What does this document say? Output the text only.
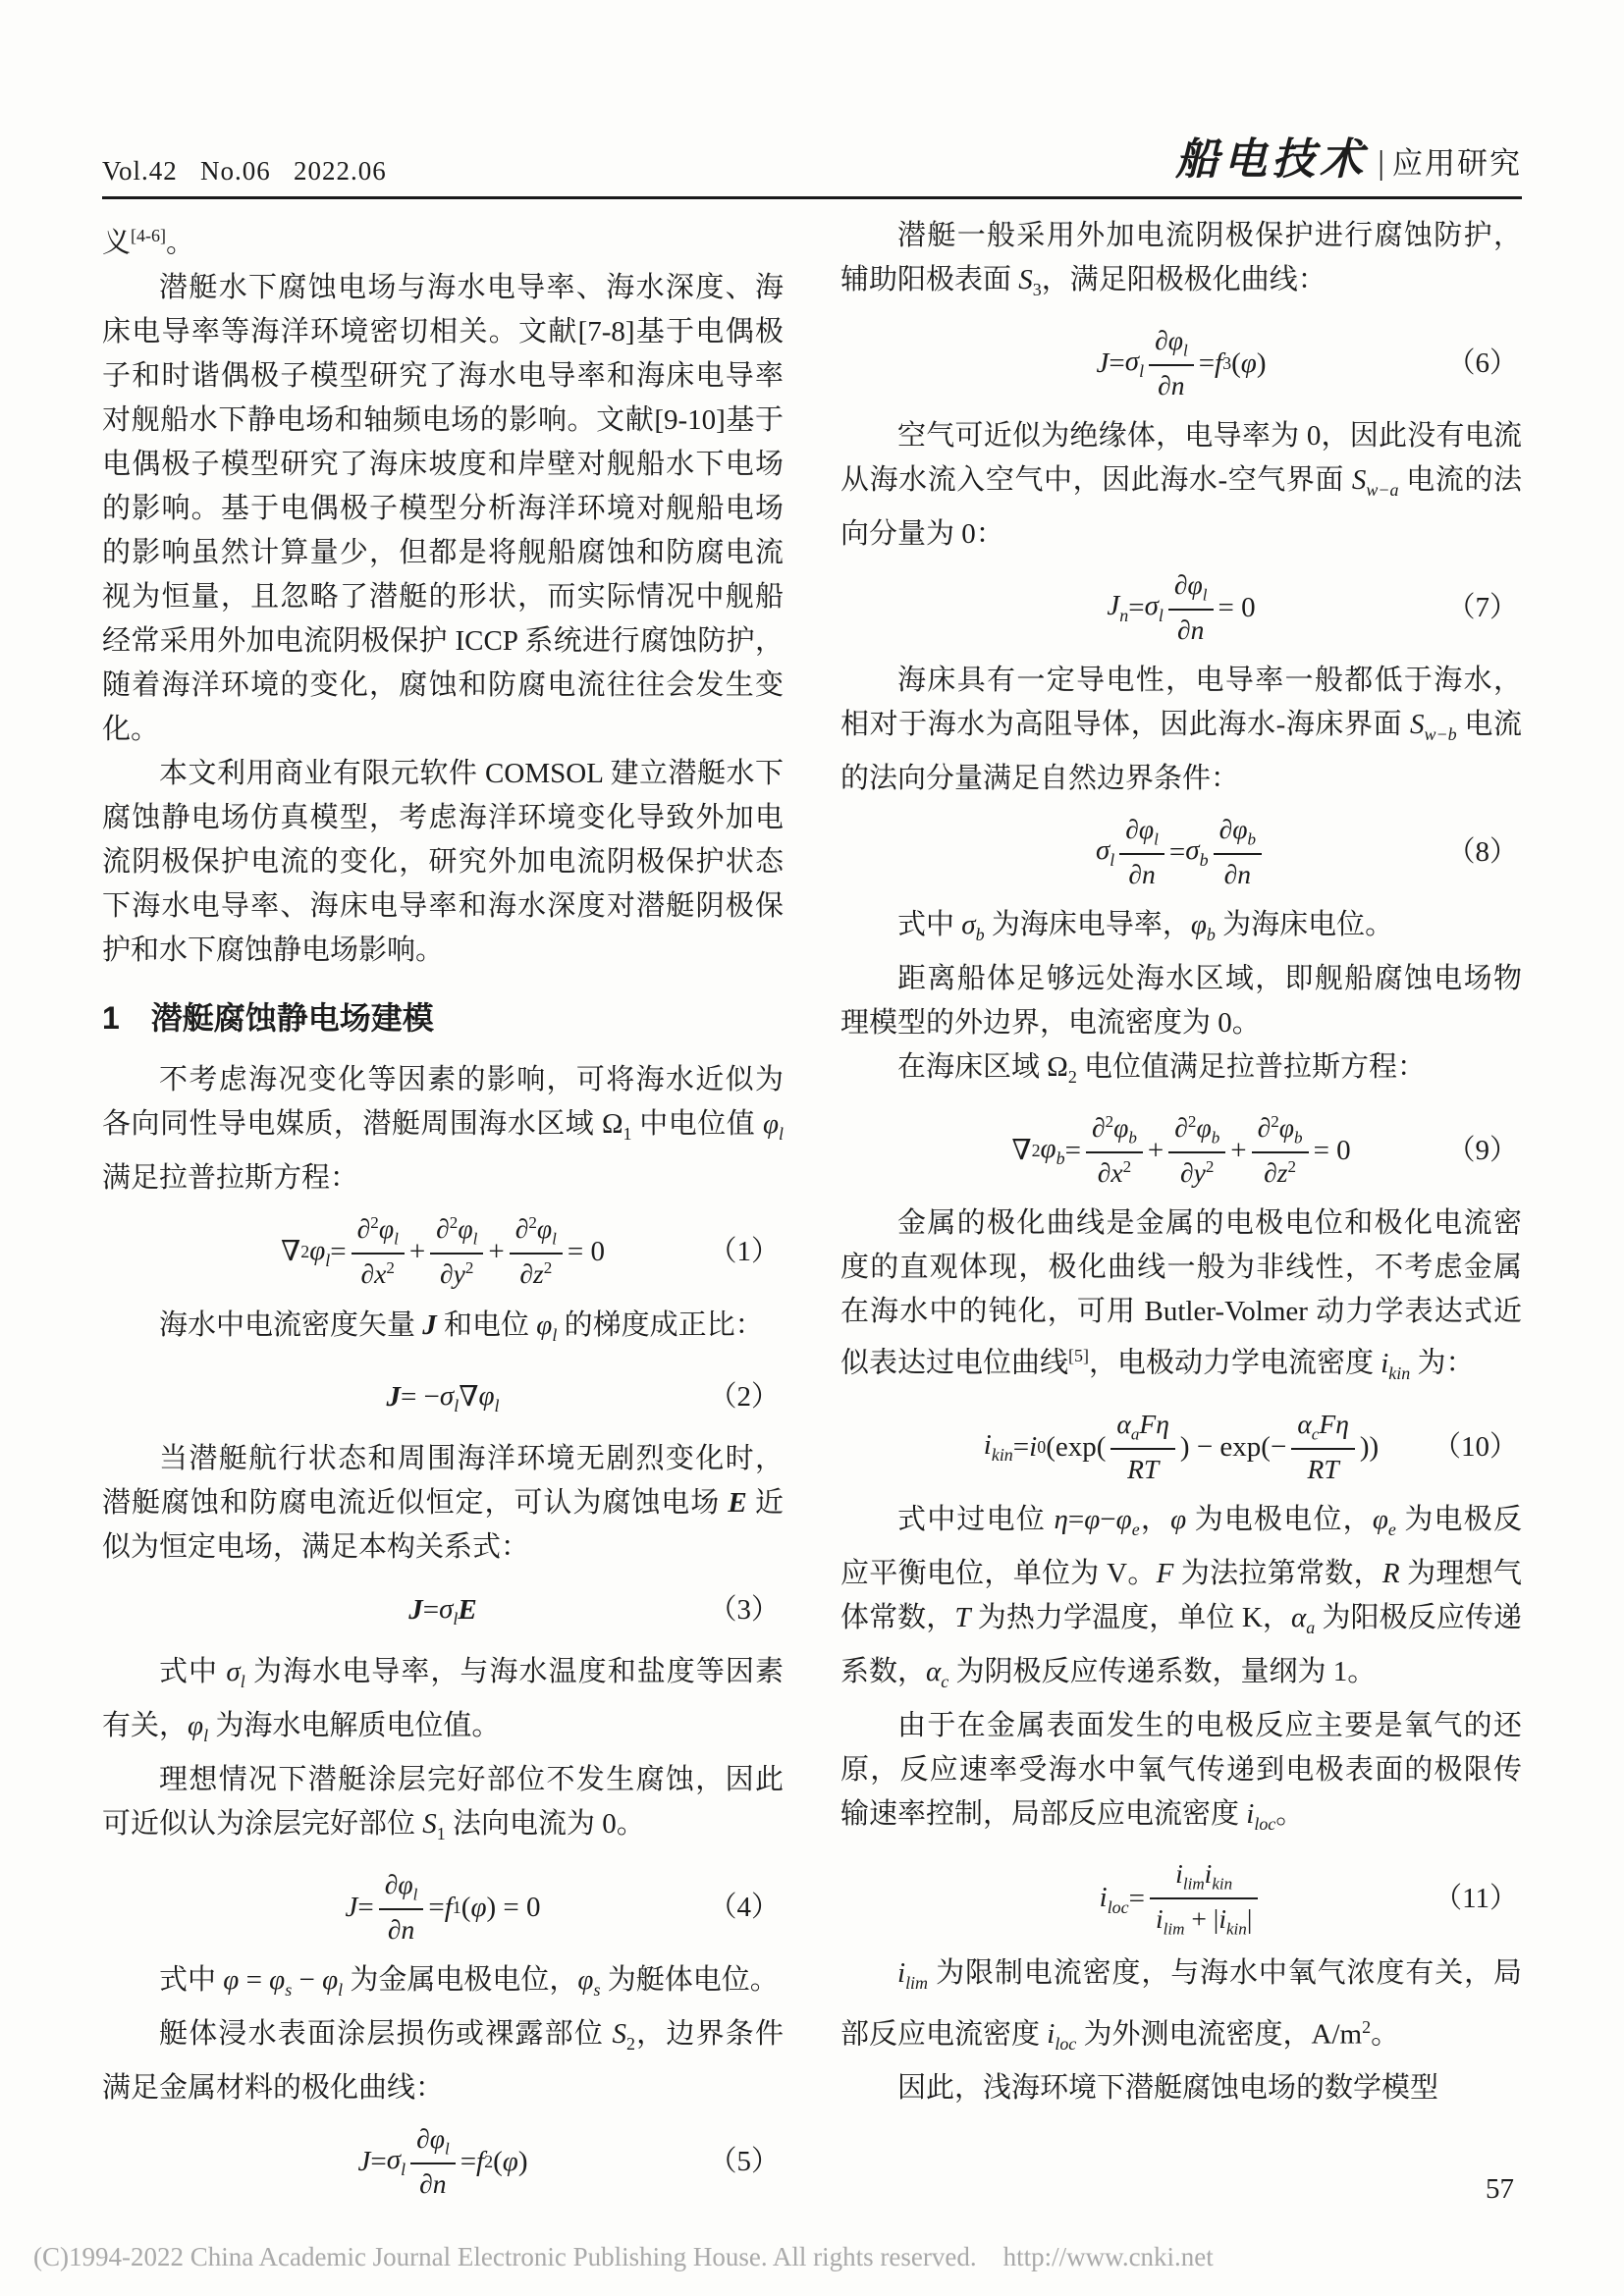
Vol.42   No.06   2022.06	船电技术 | 应用研究

义[4-6]。

潜艇水下腐蚀电场与海水电导率、海水深度、海床电导率等海洋环境密切相关。文献[7-8]基于电偶极子和时谐偶极子模型研究了海水电导率和海床电导率对舰船水下静电场和轴频电场的影响。文献[9-10]基于电偶极子模型研究了海床坡度和岸壁对舰船水下电场的影响。基于电偶极子模型分析海洋环境对舰船电场的影响虽然计算量少，但都是将舰船腐蚀和防腐电流视为恒量，且忽略了潜艇的形状，而实际情况中舰船经常采用外加电流阴极保护 ICCP 系统进行腐蚀防护，随着海洋环境的变化，腐蚀和防腐电流往往会发生变化。

本文利用商业有限元软件 COMSOL 建立潜艇水下腐蚀静电场仿真模型，考虑海洋环境变化导致外加电流阴极保护电流的变化，研究外加电流阴极保护状态下海水电导率、海床电导率和海水深度对潜艇阴极保护和水下腐蚀静电场影响。

1　潜艇腐蚀静电场建模

不考虑海况变化等因素的影响，可将海水近似为各向同性导电媒质，潜艇周围海水区域 $\Omega_1$ 中电位值 $\varphi_l$ 满足拉普拉斯方程：

∇ 2 $\varphi_l = \frac{\partial^2\varphi_l}{\partial x^2} + \frac{\partial^2\varphi_l}{\partial y^2} + \frac{\partial^2\varphi_l}{\partial z^2} = 0$	（1）

海水中电流密度矢量 J 和电位 $\varphi_l$ 的梯度成正比：

J = − $\sigma_l$ ∇ $\varphi_l$	（2）

当潜艇航行状态和周围海洋环境无剧烈变化时，潜艇腐蚀和防腐电流近似恒定，可认为腐蚀电场 E 近似为恒定电场，满足本构关系式：

$J = \sigma_l$ E	（3）

式中 $\sigma_l$ 为海水电导率，与海水温度和盐度等因素有关，$\varphi_l$ 为海水电解质电位值。

理想情况下潜艇涂层完好部位不发生腐蚀，因此可近似认为涂层完好部位 $S_1$ 法向电流为 0。

$J = \frac{\partial\varphi_l}{\partial n} = f$ 1 ( φ ) = 0	（4）

式中 $\varphi = \varphi_s - \varphi_l$ 为金属电极电位，$\varphi_s$ 为艇体电位。

艇体浸水表面涂层损伤或裸露部位 $S_2$，边界条件满足金属材料的极化曲线：

$J = \sigma_l \frac{\partial\varphi_l}{\partial n} = f$ 2 ( φ )	（5）

潜艇一般采用外加电流阴极保护进行腐蚀防护，辅助阳极表面 $S_3$，满足阳极极化曲线：

$J = \sigma_l \frac{\partial\varphi_l}{\partial n} = f$ 3 ( φ )	（6）

空气可近似为绝缘体，电导率为 0，因此没有电流从海水流入空气中，因此海水-空气界面 $S_{w-a}$ 电流的法向分量为 0：

$J_n = \sigma_l \frac{\partial\varphi_l}{\partial n} = 0$	（7）

海床具有一定导电性，电导率一般都低于海水，相对于海水为高阻导体，因此海水-海床界面 $S_{w-b}$ 电流的法向分量满足自然边界条件：

$\sigma_l \frac{\partial\varphi_l}{\partial n} = \sigma_b \frac{\partial\varphi_b}{\partial n}$	（8）

式中 $\sigma_b$ 为海床电导率，$\varphi_b$ 为海床电位。

距离船体足够远处海水区域，即舰船腐蚀电场物理模型的外边界，电流密度为 0。

在海床区域 $\Omega_2$ 电位值满足拉普拉斯方程：

∇ 2 $\varphi_b = \frac{\partial^2\varphi_b}{\partial x^2} + \frac{\partial^2\varphi_b}{\partial y^2} + \frac{\partial^2\varphi_b}{\partial z^2} = 0$	（9）

金属的极化曲线是金属的电极电位和极化电流密度的直观体现，极化曲线一般为非线性，不考虑金属在海水中的钝化，可用 Butler-Volmer 动力学表达式近似表达过电位曲线[5]，电极动力学电流密度 $i_{kin}$ 为：

$i_{kin} = i$ 0 ($\exp( \frac{\alpha_aF\eta}{RT}$ ) − $\exp(- \frac{\alpha_cF\eta}{RT}$ )) （10）

式中过电位 $\eta=\varphi-\varphi_e$，φ 为电极电位，$\varphi_e$ 为电极反应平衡电位，单位为 V。F 为法拉第常数，R 为理想气体常数，T 为热力学温度，单位 K，$\alpha_a$ 为阳极反应传递系数，$\alpha_c$ 为阴极反应传递系数，量纲为 1。

由于在金属表面发生的电极反应主要是氧气的还原，反应速率受海水中氧气传递到电极表面的极限传输速率控制，局部反应电流密度 $i_{loc}$。

$i_{loc} = \frac{i_{lim}i_{kin}}{i_{lim} + |i_{kin}|}$	（11）

$i_{lim}$ 为限制电流密度，与海水中氧气浓度有关，局部反应电流密度 $i_{loc}$ 为外测电流密度，$A/m^2$。

因此，浅海环境下潜艇腐蚀电场的数学模型

57
(C)1994-2022 China Academic Journal Electronic Publishing House. All rights reserved.    http://www.cnki.net
